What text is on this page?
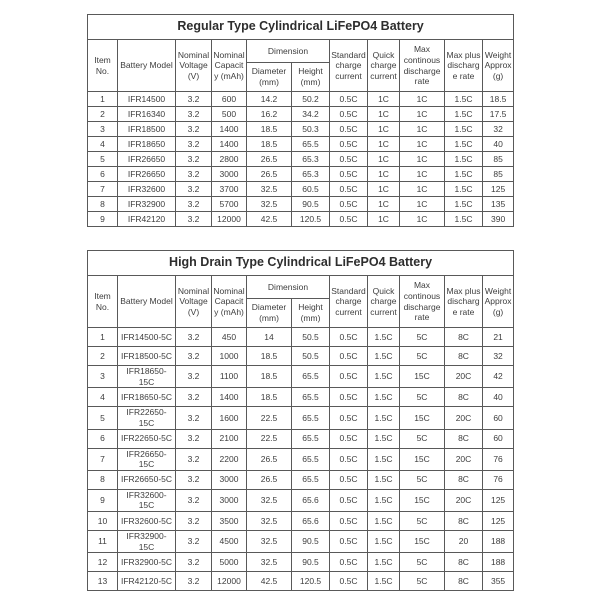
Regular Type Cylindrical LiFePO4 Battery										
Item No.	Battery Model	Nominal Voltage (V)	Nominal Capacity (mAh)	Dimension		Standard charge current	Quick charge current	Max continous discharge rate	Max plus discharge rate	Weight Approx (g)
				Diameter (mm)	Height (mm)					
1	IFR14500	3.2	600	14.2	50.2	0.5C	1C	1C	1.5C	18.5
2	IFR16340	3.2	500	16.2	34.2	0.5C	1C	1C	1.5C	17.5
3	IFR18500	3.2	1400	18.5	50.3	0.5C	1C	1C	1.5C	32
4	IFR18650	3.2	1400	18.5	65.5	0.5C	1C	1C	1.5C	40
5	IFR26650	3.2	2800	26.5	65.3	0.5C	1C	1C	1.5C	85
6	IFR26650	3.2	3000	26.5	65.3	0.5C	1C	1C	1.5C	85
7	IFR32600	3.2	3700	32.5	60.5	0.5C	1C	1C	1.5C	125
8	IFR32900	3.2	5700	32.5	90.5	0.5C	1C	1C	1.5C	135
9	IFR42120	3.2	12000	42.5	120.5	0.5C	1C	1C	1.5C	390
High Drain Type Cylindrical LiFePO4 Battery										
Item No.	Battery Model	Nominal Voltage (V)	Nominal Capacity (mAh)	Dimension		Standard charge current	Quick charge current	Max continous discharge rate	Max plus discharge rate	Weight Approx (g)
				Diameter (mm)	Height (mm)					
1	IFR14500-5C	3.2	450	14	50.5	0.5C	1.5C	5C	8C	21
2	IFR18500-5C	3.2	1000	18.5	50.5	0.5C	1.5C	5C	8C	32
3	IFR18650-15C	3.2	1100	18.5	65.5	0.5C	1.5C	15C	20C	42
4	IFR18650-5C	3.2	1400	18.5	65.5	0.5C	1.5C	5C	8C	40
5	IFR22650-15C	3.2	1600	22.5	65.5	0.5C	1.5C	15C	20C	60
6	IFR22650-5C	3.2	2100	22.5	65.5	0.5C	1.5C	5C	8C	60
7	IFR26650-15C	3.2	2200	26.5	65.5	0.5C	1.5C	15C	20C	76
8	IFR26650-5C	3.2	3000	26.5	65.5	0.5C	1.5C	5C	8C	76
9	IFR32600-15C	3.2	3000	32.5	65.6	0.5C	1.5C	15C	20C	125
10	IFR32600-5C	3.2	3500	32.5	65.6	0.5C	1.5C	5C	8C	125
11	IFR32900-15C	3.2	4500	32.5	90.5	0.5C	1.5C	15C	20	188
12	IFR32900-5C	3.2	5000	32.5	90.5	0.5C	1.5C	5C	8C	188
13	IFR42120-5C	3.2	12000	42.5	120.5	0.5C	1.5C	5C	8C	355
